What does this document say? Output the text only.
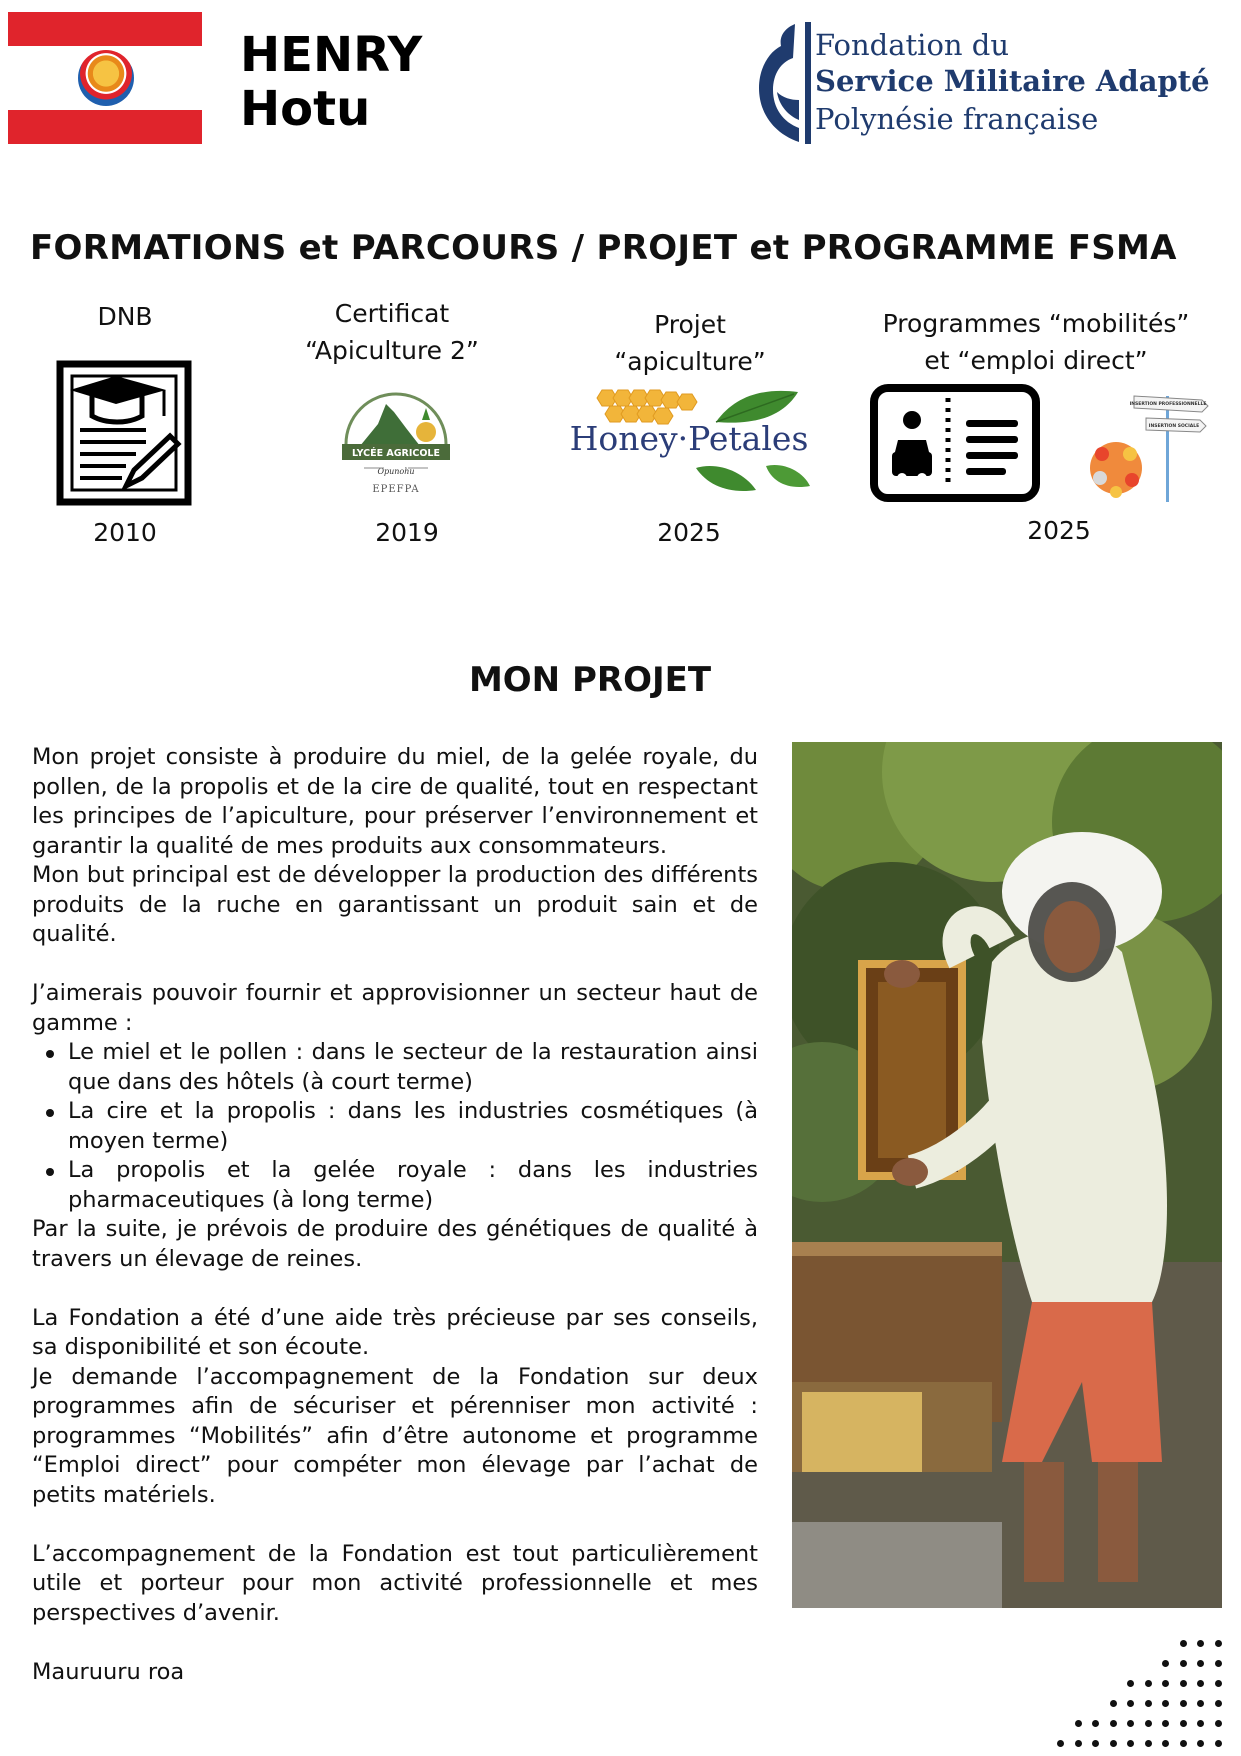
HENRY
Hotu
Fondation du
Service Militaire Adapté
Polynésie française
FORMATIONS et PARCOURS / PROJET et PROGRAMME FSMA
DNB
2010
Certificat
“Apiculture 2”
LYCÉE AGRICOLE
Opunohu
EPEFPA
2019
Projet
“apiculture”
Honey·Petales
2025
Programmes “mobilités”
et “emploi direct”
INSERTION PROFESSIONNELLE
INSERTION SOCIALE
2025
MON PROJET

Mon projet consiste à produire du miel, de la gelée royale, du pollen, de la propolis et de la cire de qualité, tout en respectant les principes de l’apiculture, pour préserver l’environnement et garantir la qualité de mes produits aux consommateurs.

Mon but principal est de développer la production des différents produits de la ruche en garantissant un produit sain et de qualité.

J’aimerais pouvoir fournir et approvisionner un secteur haut de gamme :

Le miel et le pollen : dans le secteur de la restauration ainsi que dans des hôtels (à court terme)
La cire et la propolis : dans les industries cosmétiques (à moyen terme)
La propolis et la gelée royale : dans les industries pharmaceutiques (à long terme)

Par la suite, je prévois de produire des génétiques de qualité à travers un élevage de reines.

La Fondation a été d’une aide très précieuse par ses conseils, sa disponibilité et son écoute.

Je demande l’accompagnement de la Fondation sur deux programmes afin de sécuriser et pérenniser mon activité : programmes “Mobilités” afin d’être autonome et programme “Emploi direct” pour compéter mon élevage par l’achat de petits matériels.

L’accompagnement de la Fondation est tout particulièrement utile et porteur pour mon activité professionnelle et mes perspectives d’avenir.

Mauruuru roa
